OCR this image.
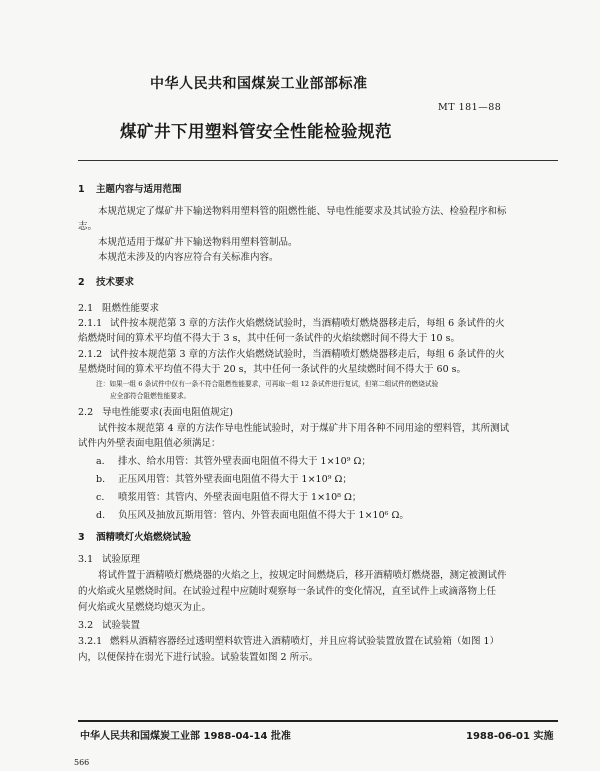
中华人民共和国煤炭工业部部标准
MT 181—88
煤矿井下用塑料管安全性能检验规范
1 主题内容与适用范围
本规范规定了煤矿井下输送物料用塑料管的阻燃性能、导电性能要求及其试验方法、检验程序和标
志。
本规范适用于煤矿井下输送物料用塑料管制品。
本规范未涉及的内容应符合有关标准内容。
2 技术要求
2.1 阻燃性能要求
2.1.1 试件按本规范第 3 章的方法作火焰燃烧试验时，当酒精喷灯燃烧器移走后，每组 6 条试件的火
焰燃烧时间的算术平均值不得大于 3 s，其中任何一条试件的火焰续燃时间不得大于 10 s。
2.1.2 试件按本规范第 3 章的方法作火焰燃烧试验时，当酒精喷灯燃烧器移走后，每组 6 条试件的火
星燃烧时间的算术平均值不得大于 20 s，其中任何一条试件的火星续燃时间不得大于 60 s。
注：如果一组 6 条试件中仅有一条不符合阻燃性能要求，可再取一组 12 条试件进行复试，但第二组试件的燃烧试验
应全部符合阻燃性能要求。
2.2 导电性能要求(表面电阻值规定)
试件按本规范第 4 章的方法作导电性能试验时，对于煤矿井下用各种不同用途的塑料管，其所测试
试件内外壁表面电阻值必须满足：
a. 排水、给水用管：其管外壁表面电阻值不得大于 1×10⁹ Ω；
b. 正压风用管：其管外壁表面电阻值不得大于 1×10⁹ Ω；
c. 喷浆用管：其管内、外壁表面电阻值不得大于 1×10⁸ Ω；
d. 负压风及抽放瓦斯用管：管内、外管表面电阻值不得大于 1×10⁶ Ω。
3 酒精喷灯火焰燃烧试验
3.1 试验原理
将试件置于酒精喷灯燃烧器的火焰之上，按规定时间燃烧后，移开酒精喷灯燃烧器，测定被测试件
的火焰或火星燃烧时间。在试验过程中应随时观察每一条试件的变化情况，直至试件上或滴落物上任
何火焰或火星燃烧均熄灭为止。
3.2 试验装置
3.2.1 燃料从酒精容器经过透明塑料软管进入酒精喷灯，并且应将试验装置放置在试验箱（如图 1）
内，以便保持在弱光下进行试验。试验装置如图 2 所示。
中华人民共和国煤炭工业部 1988-04-14 批准	1988-06-01 实施
566
